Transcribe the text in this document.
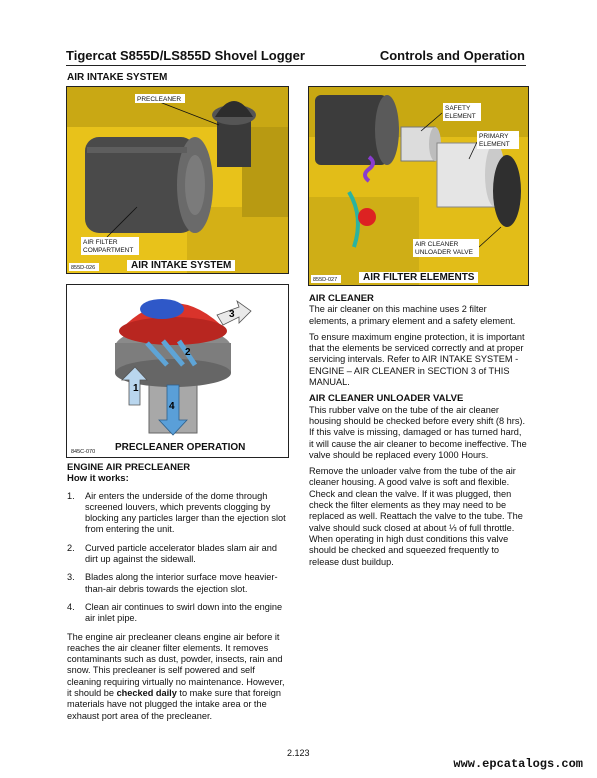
Tigercat S855D/LS855D Shovel Logger	Controls and Operation
AIR INTAKE SYSTEM
PRECLEANER
AIR FILTER
COMPARTMENT
855D-026	AIR INTAKE SYSTEM
SAFETY
ELEMENT
PRIMARY
ELEMENT
AIR CLEANER
UNLOADER VALVE
855D-027	AIR FILTER ELEMENTS
1
2
3
4
845C-070	PRECLEANER OPERATION
ENGINE AIR PRECLEANER
How it works:
1. Air enters the underside of the dome through screened louvers, which prevents clogging by blocking any particles larger than the ejection slot from entering the unit.
2. Curved particle accelerator blades slam air and dirt up against the sidewall.
3. Blades along the interior surface move heavier-than-air debris towards the ejection slot.
4. Clean air continues to swirl down into the engine air inlet pipe.

The engine air precleaner cleans engine air before it reaches the air cleaner filter elements. It removes contaminants such as dust, powder, insects, rain and snow. This precleaner is self powered and self cleaning requiring virtually no maintenance. However, it should be checked daily to make sure that foreign materials have not plugged the intake area or the exhaust port area of the precleaner.

AIR CLEANER

The air cleaner on this machine uses 2 filter elements, a primary element and a safety element.

To ensure maximum engine protection, it is important that the elements be serviced correctly and at proper servicing intervals. Refer to AIR INTAKE SYSTEM - ENGINE – AIR CLEANER in SECTION 3 of THIS MANUAL.

AIR CLEANER UNLOADER VALVE

This rubber valve on the tube of the air cleaner housing should be checked before every shift (8 hrs). If this valve is missing, damaged or has turned hard, it will cause the air cleaner to become ineffective. The valve should be replaced every 1000 Hours.

Remove the unloader valve from the tube of the air cleaner housing. A good valve is soft and flexible. Check and clean the valve. If it was plugged, then check the filter elements as they may need to be replaced as well. Reattach the valve to the tube. The valve should suck closed at about ⅓ of full throttle. When operating in high dust conditions this valve should be checked and squeezed frequently to release dust buildup.

2.123
www.epcatalogs.com
